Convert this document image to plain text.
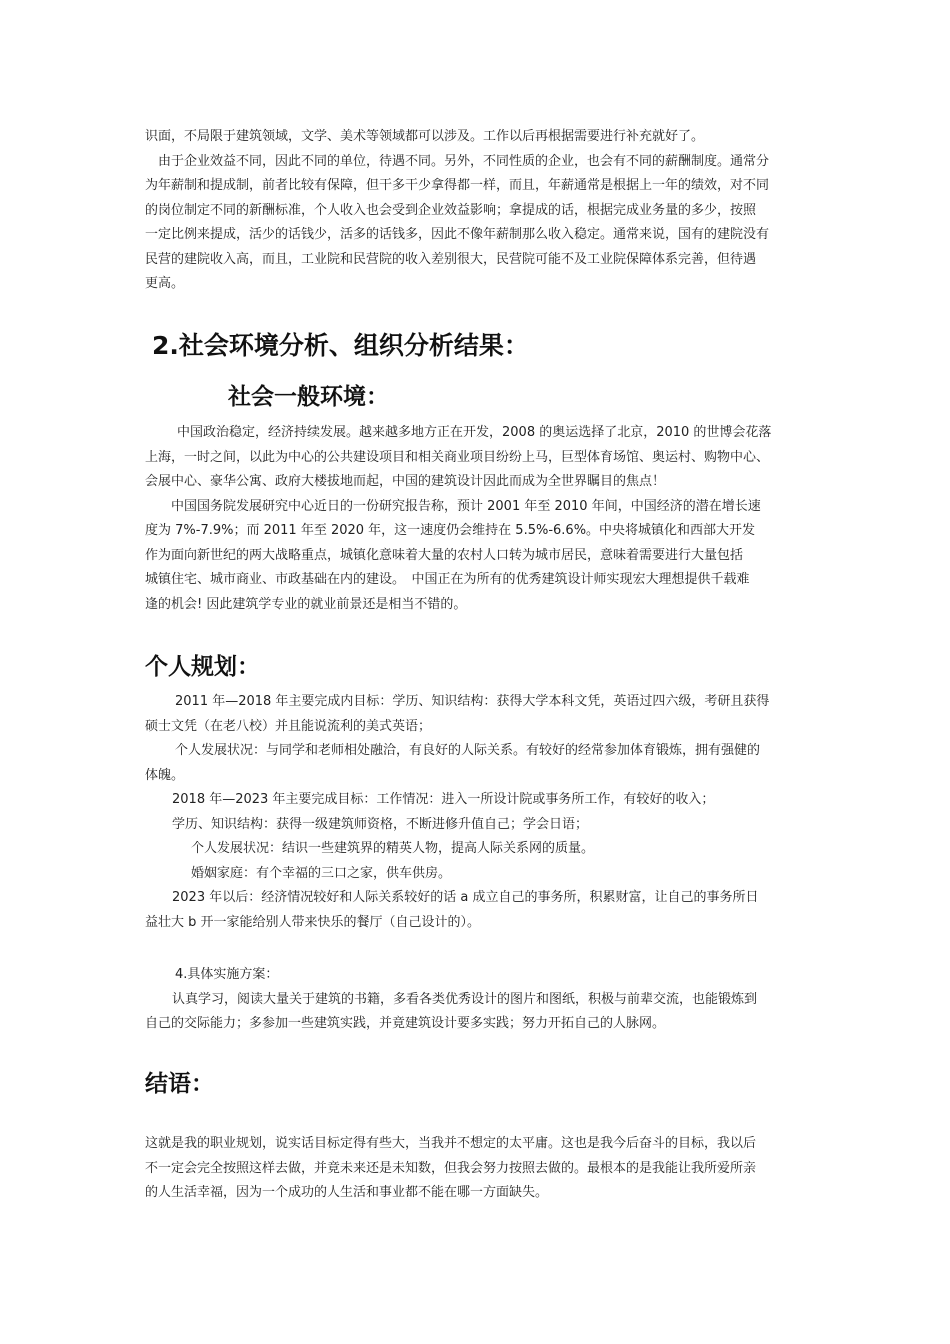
识面，不局限于建筑领域，文学、美术等领域都可以涉及。工作以后再根据需要进行补充就好了。
由于企业效益不同，因此不同的单位，待遇不同。另外，不同性质的企业，也会有不同的薪酬制度。通常分
为年薪制和提成制，前者比较有保障，但干多干少拿得都一样，而且，年薪通常是根据上一年的绩效，对不同
的岗位制定不同的新酬标准，个人收入也会受到企业效益影响；拿提成的话，根据完成业务量的多少，按照
一定比例来提成，活少的话钱少，活多的话钱多，因此不像年薪制那么收入稳定。通常来说，国有的建院没有
民营的建院收入高，而且，工业院和民营院的收入差别很大，民营院可能不及工业院保障体系完善，但待遇
更高。
2.社会环境分析、组织分析结果：
社会一般环境：
中国政治稳定，经济持续发展。越来越多地方正在开发，2008 的奥运选择了北京，2010 的世博会花落
上海，一时之间，以此为中心的公共建设项目和相关商业项目纷纷上马，巨型体育场馆、奥运村、购物中心、
会展中心、豪华公寓、政府大楼拔地而起，中国的建筑设计因此而成为全世界瞩目的焦点！
中国国务院发展研究中心近日的一份研究报告称，预计 2001 年至 2010 年间，中国经济的潜在增长速
度为 7%-7.9%；而 2011 年至 2020 年，这一速度仍会维持在 5.5%-6.6%。中央将城镇化和西部大开发
作为面向新世纪的两大战略重点，城镇化意味着大量的农村人口转为城市居民，意味着需要进行大量包括
城镇住宅、城市商业、市政基础在内的建设。　中国正在为所有的优秀建筑设计师实现宏大理想提供千载难
逢的机会! 因此建筑学专业的就业前景还是相当不错的。
个人规划：
2011 年—2018 年主要完成内目标：学历、知识结构：获得大学本科文凭，英语过四六级，考研且获得
硕士文凭（在老八校）并且能说流利的美式英语；
个人发展状况：与同学和老师相处融洽，有良好的人际关系。有较好的经常参加体育锻炼，拥有强健的
体魄。
2018 年—2023 年主要完成目标：工作情况：进入一所设计院或事务所工作，有较好的收入；
学历、知识结构：获得一级建筑师资格，不断进修升值自己；学会日语；
个人发展状况：结识一些建筑界的精英人物，提高人际关系网的质量。
婚姻家庭：有个幸福的三口之家，供车供房。
2023 年以后：经济情况较好和人际关系较好的话 a 成立自己的事务所，积累财富，让自己的事务所日
益壮大 b 开一家能给别人带来快乐的餐厅（自己设计的）。
4.具体实施方案：
认真学习，阅读大量关于建筑的书籍，多看各类优秀设计的图片和图纸，积极与前辈交流，也能锻炼到
自己的交际能力；多参加一些建筑实践，并竟建筑设计要多实践；努力开拓自己的人脉网。
结语：
这就是我的职业规划，说实话目标定得有些大，当我并不想定的太平庸。这也是我今后奋斗的目标，我以后
不一定会完全按照这样去做，并竟未来还是未知数，但我会努力按照去做的。最根本的是我能让我所爱所亲
的人生活幸福，因为一个成功的人生活和事业都不能在哪一方面缺失。
